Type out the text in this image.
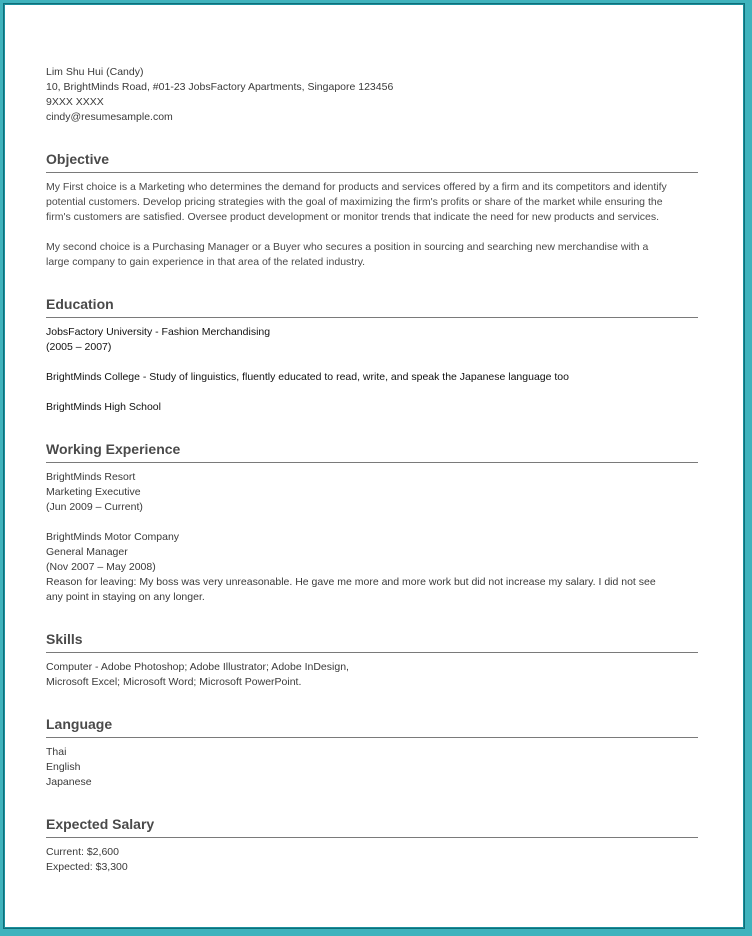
Lim Shu Hui (Candy)
10, BrightMinds Road, #01-23 JobsFactory Apartments, Singapore 123456
9XXX XXXX
cindy@resumesample.com
Objective
My First choice is a Marketing who determines the demand for products and services offered by a firm and its competitors and identify
potential customers. Develop pricing strategies with the goal of maximizing the firm's profits or share of the market while ensuring the
firm's customers are satisfied. Oversee product development or monitor trends that indicate the need for new products and services.
My second choice is a Purchasing Manager or a Buyer who secures a position in sourcing and searching new merchandise with a
large company to gain experience in that area of the related industry.
Education
JobsFactory University - Fashion Merchandising
(2005 – 2007)
BrightMinds College - Study of linguistics, fluently educated to read, write, and speak the Japanese language too
BrightMinds High School
Working Experience
BrightMinds Resort
Marketing Executive
(Jun 2009 – Current)
BrightMinds Motor Company
General Manager
(Nov 2007 – May 2008)
Reason for leaving: My boss was very unreasonable. He gave me more and more work but did not increase my salary. I did not see
any point in staying on any longer.
Skills
Computer - Adobe Photoshop; Adobe Illustrator; Adobe InDesign,
Microsoft Excel; Microsoft Word; Microsoft PowerPoint.
Language
Thai
English
Japanese
Expected Salary
Current: $2,600
Expected: $3,300
